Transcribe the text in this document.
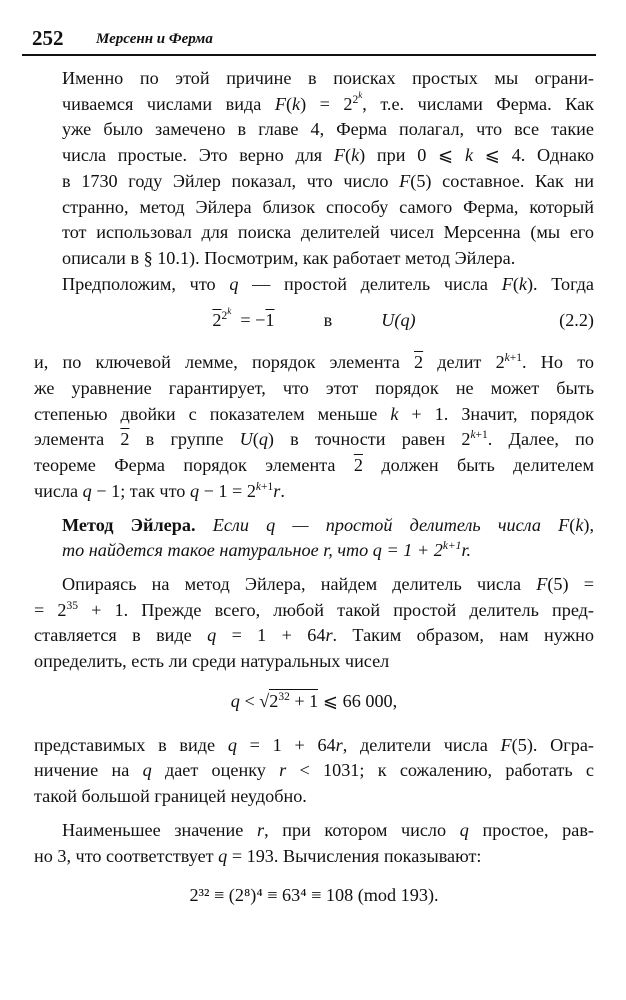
252 Мерсенн и Ферма

Именно по этой причине в поисках простых мы ограни-
чиваемся числами вида $F(k) = 2^{2^k}$, т.е. числами Ферма. Как
уже было замечено в главе 4, Ферма полагал, что все такие
числа простые. Это верно для F(k) при 0 ⩽ k ⩽ 4. Однако
в 1730 году Эйлер показал, что число F(5) составное. Как ни
странно, метод Эйлера близок способу самого Ферма, который
тот использовал для поиска делителей чисел Мерсенна (мы его
описали в § 10.1). Посмотрим, как работает метод Эйлера.

Предположим, что q — простой делитель числа F(k). Тогда

$2^{2^k} = -1$	в	U(q)	(2.2)

и, по ключевой лемме, порядок элемента 2 делит $2^{k+1}$. Но то
же уравнение гарантирует, что этот порядок не может быть
степенью двойки с показателем меньше k + 1. Значит, порядок
элемента 2 в группе U(q) в точности равен $2^{k+1}$. Далее, по
теореме Ферма порядок элемента 2 должен быть делителем
числа q − 1; так что $q - 1 = 2^{k+1}r$.

Метод Эйлера. Если q — простой делитель числа F(k),
то найдется такое натуральное r, что $q = 1 + 2^{k+1}r$.

Опираясь на метод Эйлера, найдем делитель числа F(5) =
= $2^{35} + 1$. Прежде всего, любой такой простой делитель пред-
ставляется в виде q = 1 + 64r. Таким образом, нам нужно
определить, есть ли среди натуральных чисел

$q < √2^{32} + 1$ ⩽ 66 000,

представимых в виде q = 1 + 64r, делители числа F(5). Огра-
ничение на q дает оценку r < 1031; к сожалению, работать с
такой большой границей неудобно.

Наименьшее значение r, при котором число q простое, рав-
но 3, что соответствует q = 193. Вычисления показывают:

2³² ≡ (2⁸)⁴ ≡ 63⁴ ≡ 108 (mod 193).
